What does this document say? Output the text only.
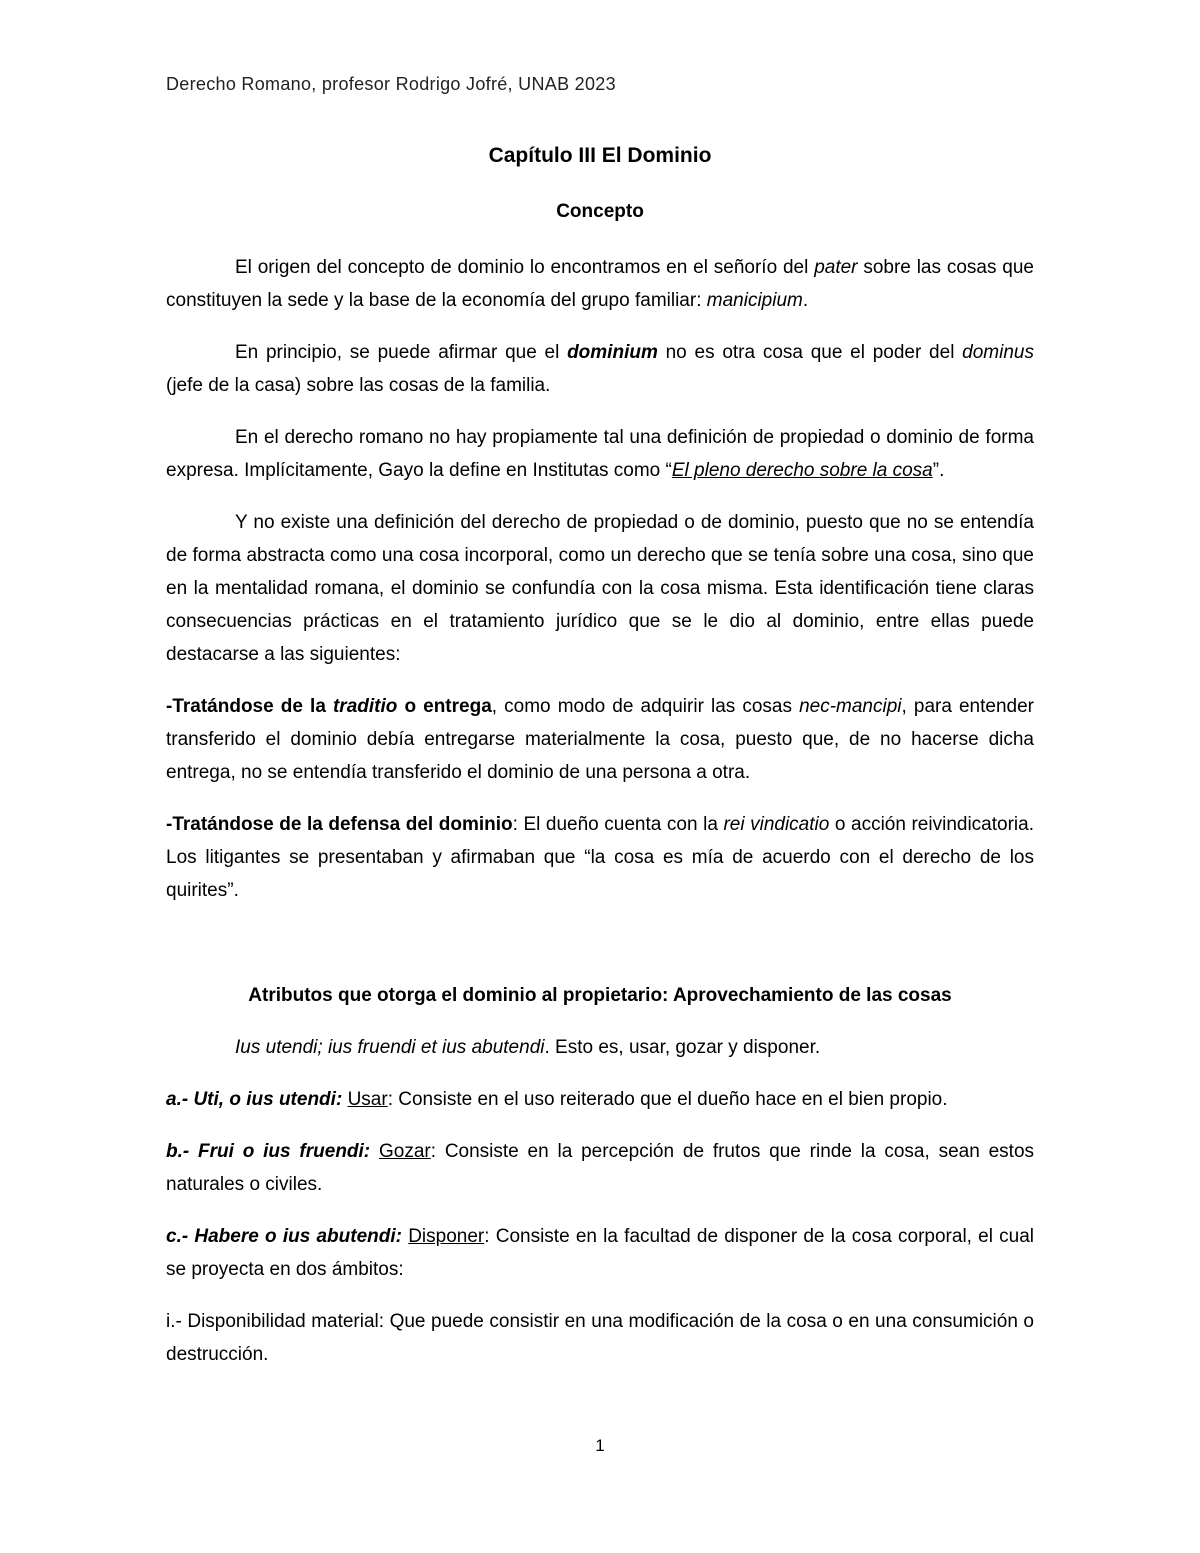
Derecho Romano, profesor Rodrigo Jofré, UNAB 2023
Capítulo III El Dominio
Concepto

El origen del concepto de dominio lo encontramos en el señorío del pater sobre las cosas que constituyen la sede y la base de la economía del grupo familiar: manicipium.

En principio, se puede afirmar que el dominium no es otra cosa que el poder del dominus (jefe de la casa) sobre las cosas de la familia.

En el derecho romano no hay propiamente tal una definición de propiedad o dominio de forma expresa. Implícitamente, Gayo la define en Institutas como “El pleno derecho sobre la cosa”.

Y no existe una definición del derecho de propiedad o de dominio, puesto que no se entendía de forma abstracta como una cosa incorporal, como un derecho que se tenía sobre una cosa, sino que en la mentalidad romana, el dominio se confundía con la cosa misma. Esta identificación tiene claras consecuencias prácticas en el tratamiento jurídico que se le dio al dominio, entre ellas puede destacarse a las siguientes:

-Tratándose de la traditio o entrega, como modo de adquirir las cosas nec-mancipi, para entender transferido el dominio debía entregarse materialmente la cosa, puesto que, de no hacerse dicha entrega, no se entendía transferido el dominio de una persona a otra.

-Tratándose de la defensa del dominio: El dueño cuenta con la rei vindicatio o acción reivindicatoria. Los litigantes se presentaban y afirmaban que “la cosa es mía de acuerdo con el derecho de los quirites”.

Atributos que otorga el dominio al propietario: Aprovechamiento de las cosas

Ius utendi; ius fruendi et ius abutendi. Esto es, usar, gozar y disponer.

a.- Uti, o ius utendi: Usar: Consiste en el uso reiterado que el dueño hace en el bien propio.

b.- Frui o ius fruendi: Gozar: Consiste en la percepción de frutos que rinde la cosa, sean estos naturales o civiles.

c.- Habere o ius abutendi: Disponer: Consiste en la facultad de disponer de la cosa corporal, el cual se proyecta en dos ámbitos:

i.- Disponibilidad material: Que puede consistir en una modificación de la cosa o en una consumición o destrucción.

1
